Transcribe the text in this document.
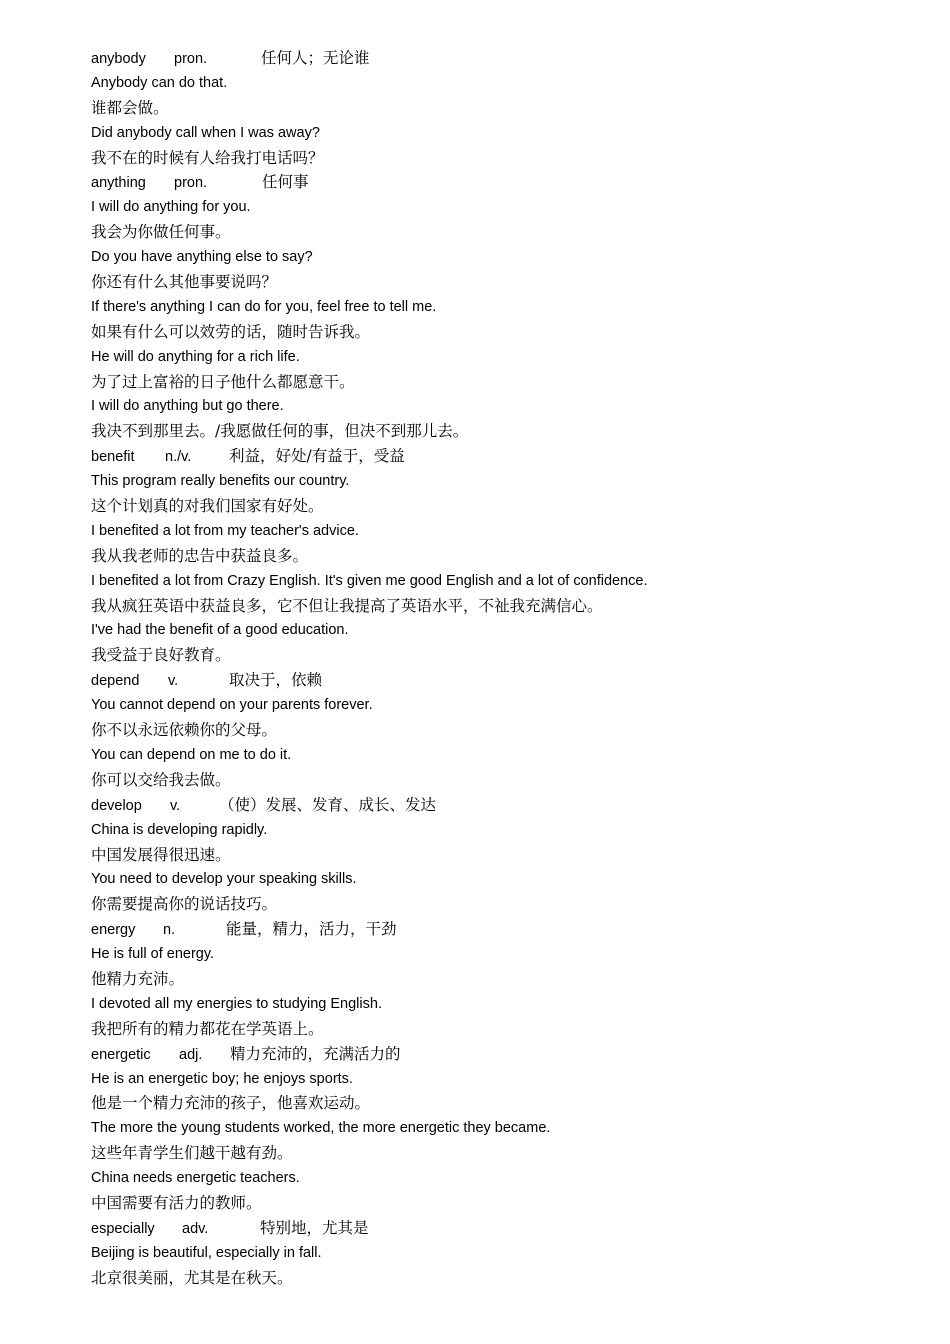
anybody pron.	任何人；无论谁
Anybody can do that.
谁都会做。
Did anybody call when I was away?
我不在的时候有人给我打电话吗？
anything pron.	任何事
I will do anything for you.
我会为你做任何事。
Do you have anything else to say?
你还有什么其他事要说吗？
If there's anything I can do for you, feel free to tell me.
如果有什么可以效劳的话，随时告诉我。
He will do anything for a rich life.
为了过上富裕的日子他什么都愿意干。
I will do anything but go there.
我决不到那里去。/我愿做任何的事，但决不到那儿去。
benefit n./v. 利益，好处/有益于，受益
This program really benefits our country.
这个计划真的对我们国家有好处。
I benefited a lot from my teacher's advice.
我从我老师的忠告中获益良多。
I benefited a lot from Crazy English. It's given me good English and a lot of confidence.
我从疯狂英语中获益良多，它不但让我提高了英语水平，不祉我充满信心。
I've had the benefit of a good education.
我受益于良好教育。
depend v.	取决于，依赖
You cannot depend on your parents forever.
你不以永远依赖你的父母。
You can depend on me to do it.
你可以交给我去做。
develop v.	（使）发展、发育、成长、发达
China is developing rapidly.
中国发展得很迅速。
You need to develop your speaking skills.
你需要提高你的说话技巧。
energy n.	能量，精力，活力，干劲
He is full of energy.
他精力充沛。
I devoted all my energies to studying English.
我把所有的精力都花在学英语上。
energetic adj. 精力充沛的，充满活力的
He is an energetic boy; he enjoys sports.
他是一个精力充沛的孩子，他喜欢运动。
The more the young students worked, the more energetic they became.
这些年青学生们越干越有劲。
China needs energetic teachers.
中国需要有活力的教师。
especially adv.	特别地，尤其是
Beijing is beautiful, especially in fall.
北京很美丽，尤其是在秋天。
